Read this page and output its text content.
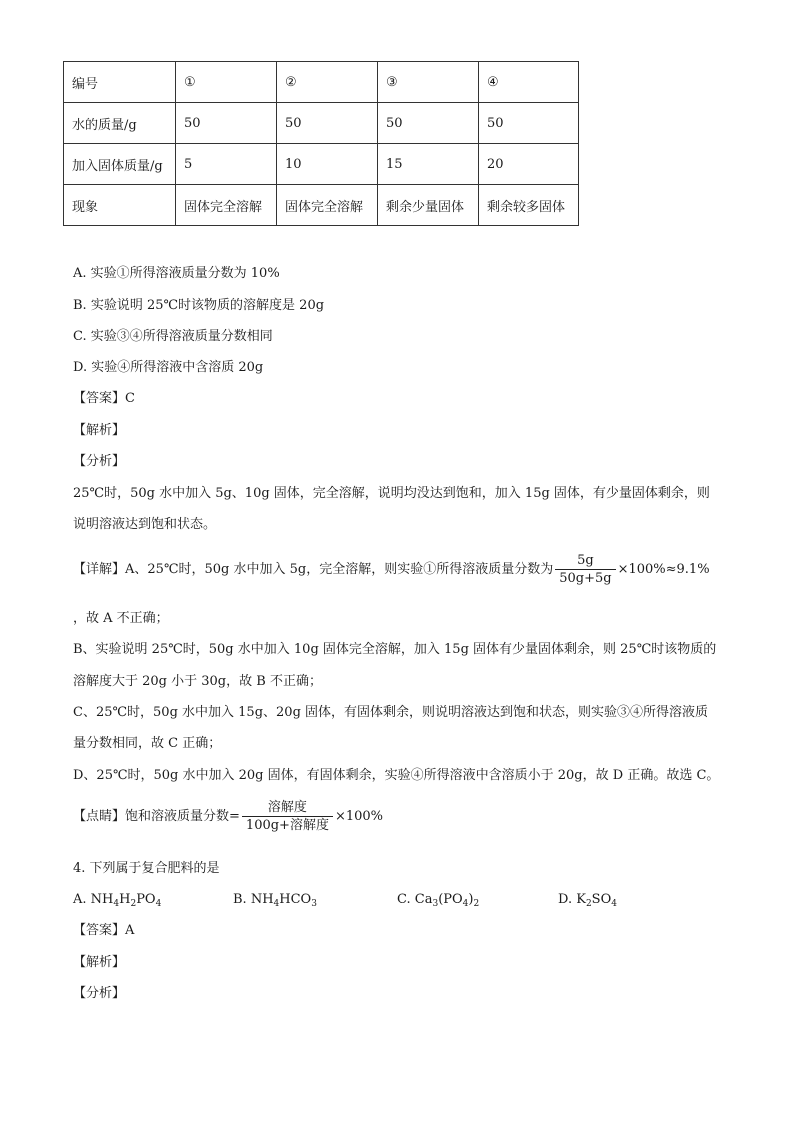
编号	①	②	③	④
水的质量/g	50	50	50	50
加入固体质量/g	5	10	15	20
现象	固体完全溶解	固体完全溶解	剩余少量固体	剩余较多固体
A. 实验①所得溶液质量分数为 10%
B. 实验说明 25℃时该物质的溶解度是 20g
C. 实验③④所得溶液质量分数相同
D. 实验④所得溶液中含溶质 20g
【答案】C
【解析】
【分析】
25℃时，50g 水中加入 5g、10g 固体，完全溶解，说明均没达到饱和，加入 15g 固体，有少量固体剩余，则
说明溶液达到饱和状态。
【详解】 A、25℃时，50g 水中加入 5g，完全溶解，则实验①所得溶液质量分数为 $\frac{5g}{50g+5g} \times 100\%\approx 9.1\%$
，故 A 不正确；
B、实验说明 25℃时，50g 水中加入 10g 固体完全溶解，加入 15g 固体有少量固体剩余，则 25℃时该物质的
溶解度大于 20g 小于 30g，故 B 不正确；
C、25℃时，50g 水中加入 15g、20g 固体，有固体剩余，则说明溶液达到饱和状态，则实验③④所得溶液质
量分数相同，故 C 正确；
D、25℃时，50g 水中加入 20g 固体，有固体剩余，实验④所得溶液中含溶质小于 20g，故 D 正确。故选 C。
【点睛】 饱和溶液质量分数= $\frac{\text{溶解度}}{\text{100g+溶解度}} \times 100\%$
4. 下列属于复合肥料的是
A. $NH_4H_2PO_4$	B. $NH_4HCO_3$	C. $Ca_3(PO_4)_2$	D. $K_2SO_4$
【答案】A
【解析】
【分析】
